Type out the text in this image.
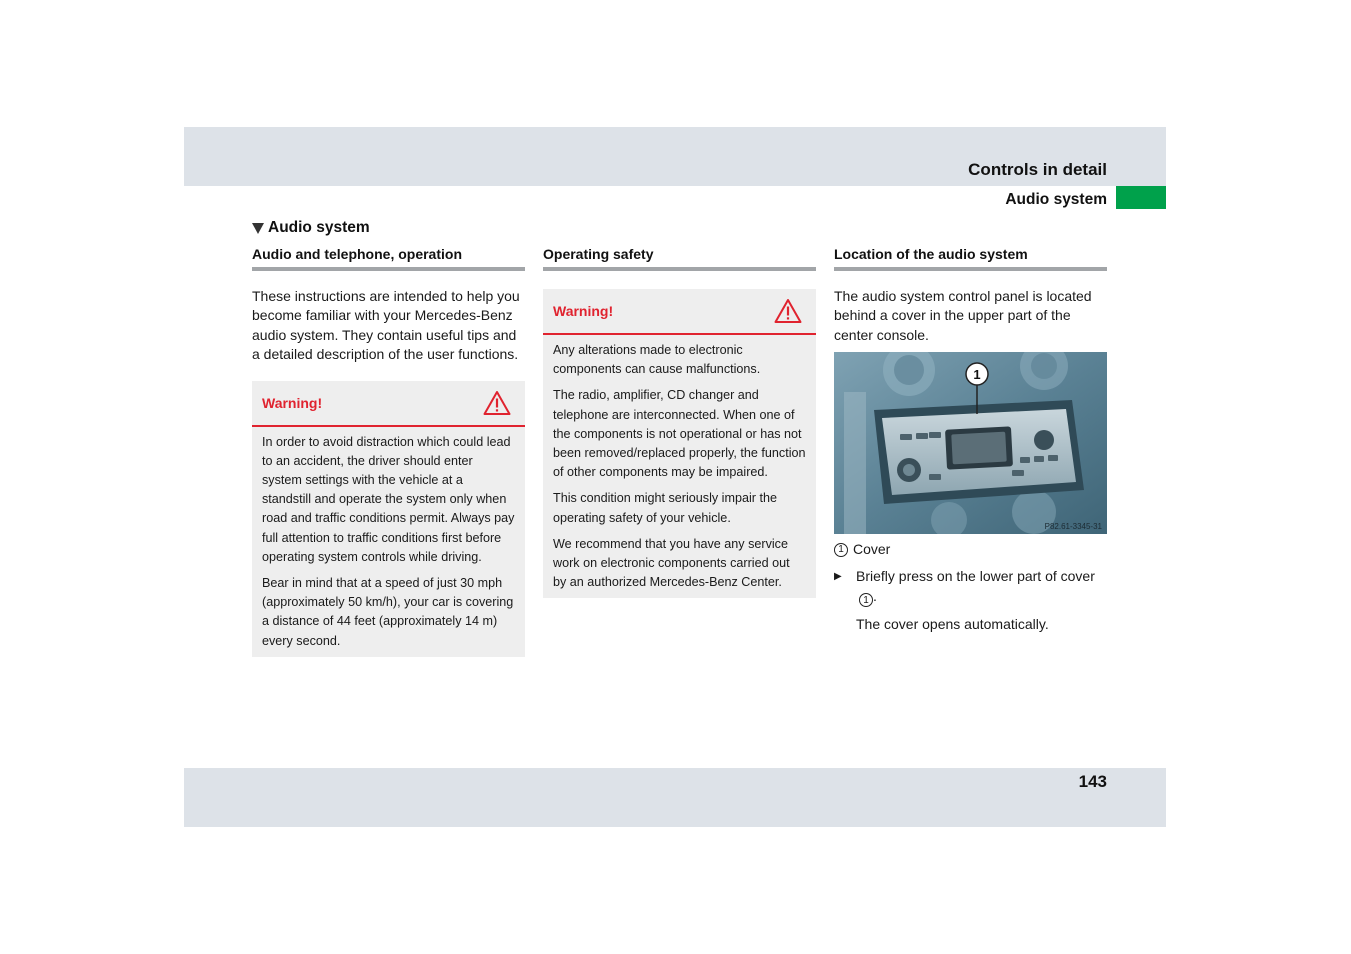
Controls in detail
Audio system
Audio system
Audio and telephone, operation

These instructions are intended to help you become familiar with your Mercedes-Benz audio system. They contain useful tips and a detailed description of the user functions.

Warning!

In order to avoid distraction which could lead to an accident, the driver should enter system settings with the vehicle at a standstill and operate the system only when road and traffic conditions permit. Always pay full attention to traffic conditions first before operating system controls while driving.

Bear in mind that at a speed of just 30 mph (approximately 50 km/h), your car is covering a distance of 44 feet (approximately 14 m) every second.

Operating safety
Warning!

Any alterations made to electronic components can cause malfunctions.

The radio, amplifier, CD changer and telephone are interconnected. When one of the components is not operational or has not been removed/replaced properly, the function of other components may be impaired.

This condition might seriously impair the operating safety of your vehicle.

We recommend that you have any service work on electronic components carried out by an authorized Mercedes-Benz Center.

Location of the audio system

The audio system control panel is located behind a cover in the upper part of the center console.

1
P82.61-3345-31
1 Cover
▶	Briefly press on the lower part of cover1 .
The cover opens automatically.
143
